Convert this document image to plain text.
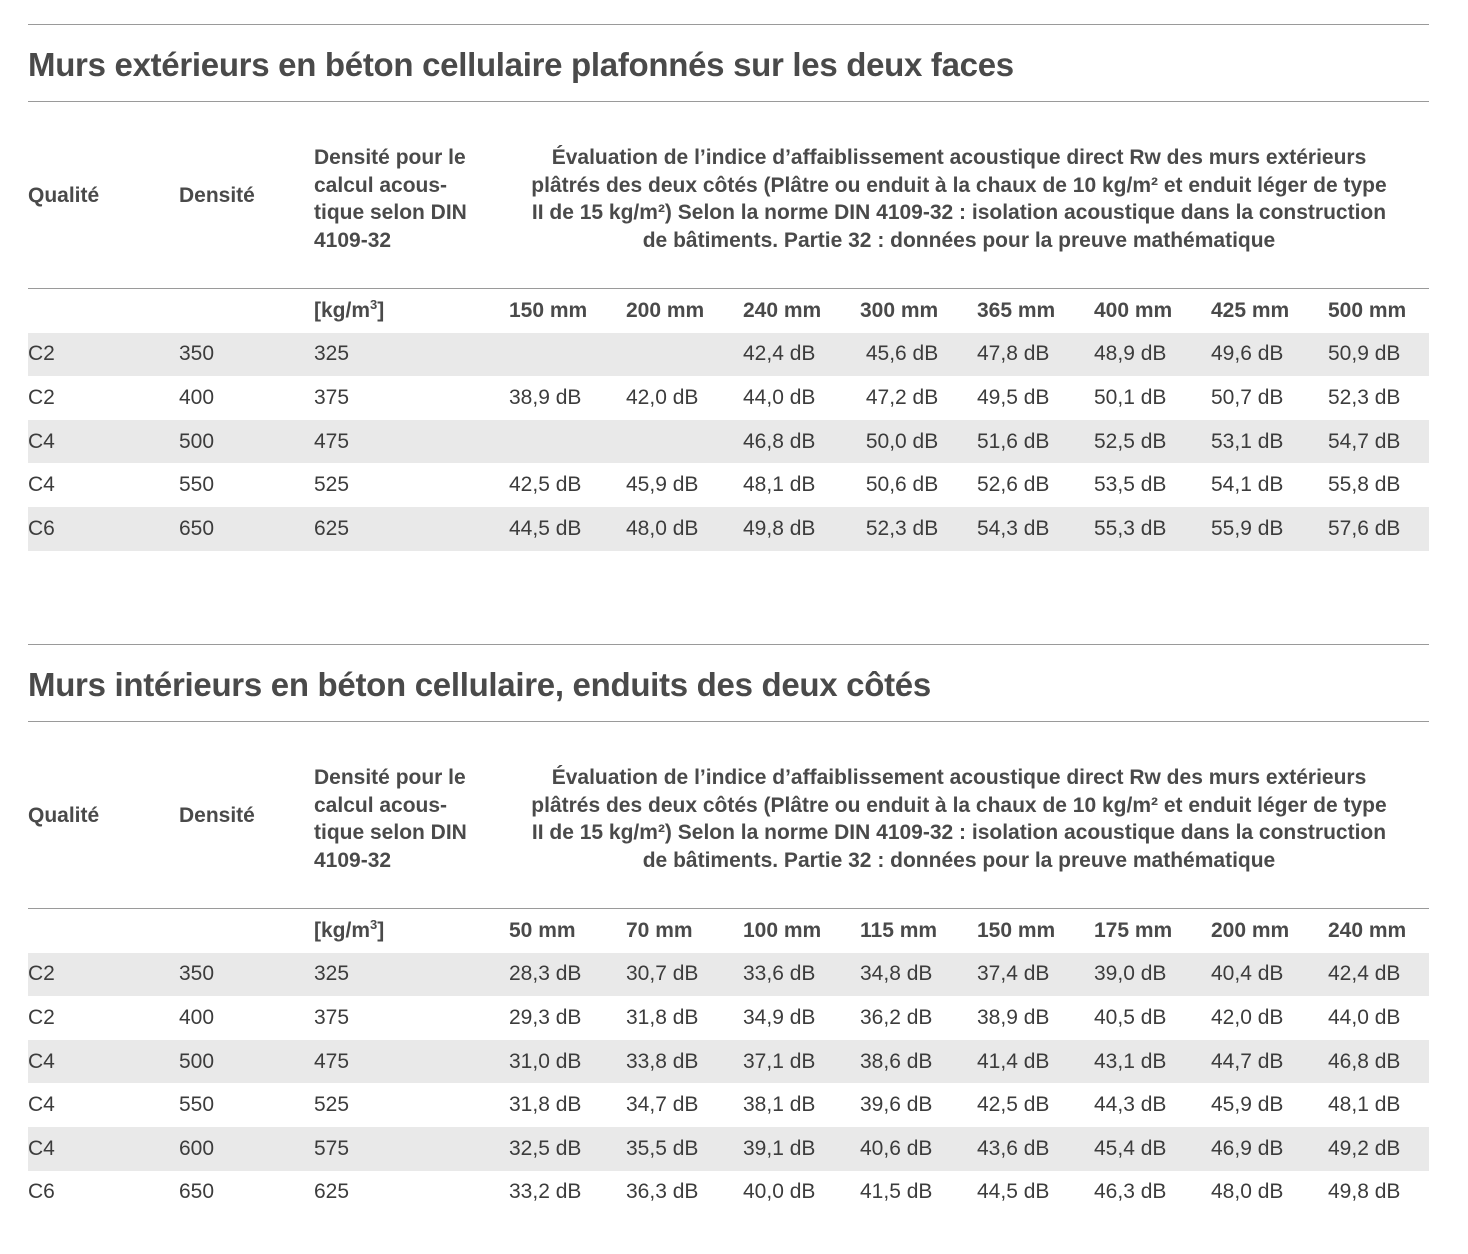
Murs extérieurs en béton cellulaire plafonnés sur les deux faces
Qualité	Densité
Densité pour le
calcul acous-
tique selon DIN
4109-32
Évaluation de l’indice d’affaiblissement acoustique direct Rw des murs extérieurs
plâtrés des deux côtés (Plâtre ou enduit à la chaux de 10 kg/m² et enduit léger de type
II de 15 kg/m²) Selon la norme DIN 4109-32 : isolation acoustique dans la construction
de bâtiments. Partie 32 : données pour la preuve mathématique
		$[kg/m^3]$	150 mm	200 mm	240 mm	300 mm	365 mm	400 mm	425 mm	500 mm
C2	350	325			42,4 dB	45,6 dB	47,8 dB	48,9 dB	49,6 dB	50,9 dB
C2	400	375	38,9 dB	42,0 dB	44,0 dB	47,2 dB	49,5 dB	50,1 dB	50,7 dB	52,3 dB
C4	500	475			46,8 dB	50,0 dB	51,6 dB	52,5 dB	53,1 dB	54,7 dB
C4	550	525	42,5 dB	45,9 dB	48,1 dB	50,6 dB	52,6 dB	53,5 dB	54,1 dB	55,8 dB
C6	650	625	44,5 dB	48,0 dB	49,8 dB	52,3 dB	54,3 dB	55,3 dB	55,9 dB	57,6 dB
Murs intérieurs en béton cellulaire, enduits des deux côtés
Qualité	Densité
Densité pour le
calcul acous-
tique selon DIN
4109-32
Évaluation de l’indice d’affaiblissement acoustique direct Rw des murs extérieurs
plâtrés des deux côtés (Plâtre ou enduit à la chaux de 10 kg/m² et enduit léger de type
II de 15 kg/m²) Selon la norme DIN 4109-32 : isolation acoustique dans la construction
de bâtiments. Partie 32 : données pour la preuve mathématique
		$[kg/m^3]$	50 mm	70 mm	100 mm	115 mm	150 mm	175 mm	200 mm	240 mm
C2	350	325	28,3 dB	30,7 dB	33,6 dB	34,8 dB	37,4 dB	39,0 dB	40,4 dB	42,4 dB
C2	400	375	29,3 dB	31,8 dB	34,9 dB	36,2 dB	38,9 dB	40,5 dB	42,0 dB	44,0 dB
C4	500	475	31,0 dB	33,8 dB	37,1 dB	38,6 dB	41,4 dB	43,1 dB	44,7 dB	46,8 dB
C4	550	525	31,8 dB	34,7 dB	38,1 dB	39,6 dB	42,5 dB	44,3 dB	45,9 dB	48,1 dB
C4	600	575	32,5 dB	35,5 dB	39,1 dB	40,6 dB	43,6 dB	45,4 dB	46,9 dB	49,2 dB
C6	650	625	33,2 dB	36,3 dB	40,0 dB	41,5 dB	44,5 dB	46,3 dB	48,0 dB	49,8 dB
